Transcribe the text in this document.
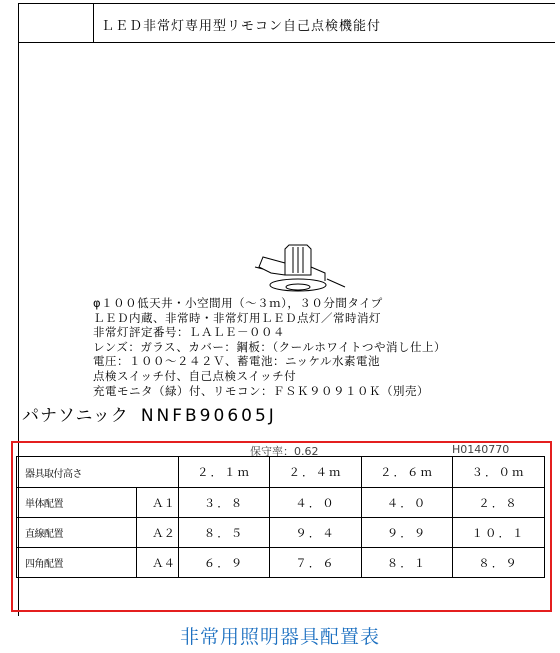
ＬＥＤ非常灯専用型リモコン自己点検機能付
φ１００低天井・小空間用（～３ｍ），３０分間タイプ
ＬＥＤ内蔵、非常時・非常灯用ＬＥＤ点灯／常時消灯
非常灯評定番号：ＬＡＬＥ－００４
レンズ：ガラス、カバー：鋼板：（クールホワイトつや消し仕上）
電圧：１００～２４２Ｖ、蓄電池：ニッケル水素電池
点検スイッチ付、自己点検スイッチ付
充電モニタ（緑）付、リモコン：ＦＳＫ９０９１０Ｋ（別売）
パナソニック NNFB90605J
保守率：0.62	H0140770
器具取付高さ		２．１ｍ	２．４ｍ	２．６ｍ	３．０ｍ
単体配置	Ａ１	３．８	４．０	４．０	２．８
直線配置	Ａ２	８．５	９．４	９．９	１０．１
四角配置	Ａ４	６．９	７．６	８．１	８．９
非常用照明器具配置表
